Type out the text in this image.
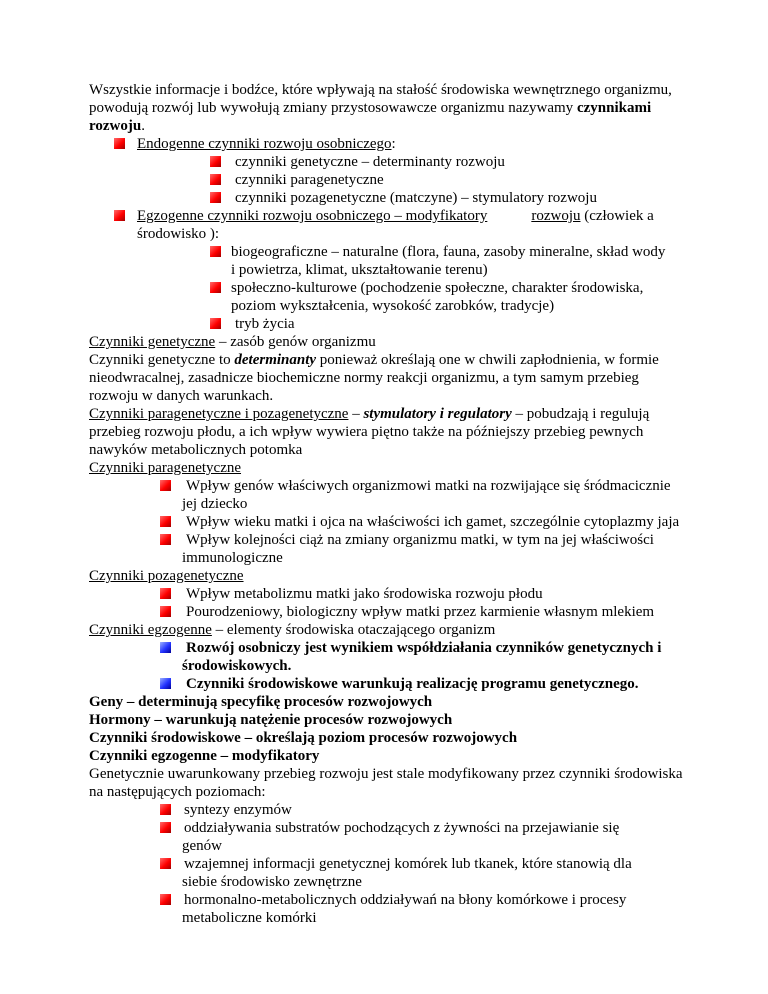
Wszystkie informacje i bodźce, które wpływają na stałość środowiska wewnętrznego organizmu, powodują rozwój lub wywołują zmiany przystosowawcze organizmu nazywamy czynnikami rozwoju.

Endogenne czynniki rozwoju osobniczego:
czynniki genetyczne – determinanty rozwoju
czynniki paragenetyczne
czynniki pozagenetyczne (matczyne) – stymulatory rozwoju
Egzogenne czynniki rozwoju osobniczego – modyfikatory	rozwoju (człowiek a środowisko ):
biogeograficzne – naturalne (flora, fauna, zasoby mineralne, skład wody i powietrza, klimat, ukształtowanie terenu)
społeczno-kulturowe (pochodzenie społeczne, charakter środowiska, poziom wykształcenia, wysokość zarobków, tradycje)
tryb życia

Czynniki genetyczne – zasób genów organizmu

Czynniki genetyczne to determinanty ponieważ określają one w chwili zapłodnienia, w formie nieodwracalnej, zasadnicze biochemiczne normy reakcji organizmu, a tym samym przebieg rozwoju w danych warunkach.

Czynniki paragenetyczne i pozagenetyczne – stymulatory i regulatory – pobudzają i regulują przebieg rozwoju płodu, a ich wpływ wywiera piętno także na późniejszy przebieg pewnych nawyków metabolicznych potomka

Czynniki paragenetyczne

Wpływ genów właściwych organizmowi matki na rozwijające się śródmacicznie jej dziecko
Wpływ wieku matki i ojca na właściwości ich gamet, szczególnie cytoplazmy jaja
Wpływ kolejności ciąż na zmiany organizmu matki, w tym na jej właściwości immunologiczne

Czynniki pozagenetyczne

Wpływ metabolizmu matki jako środowiska rozwoju płodu
Pourodzeniowy, biologiczny wpływ matki przez karmienie własnym mlekiem

Czynniki egzogenne – elementy środowiska otaczającego organizm

Rozwój osobniczy jest wynikiem współdziałania czynników genetycznych i środowiskowych.
Czynniki środowiskowe warunkują realizację programu genetycznego.

Geny – determinują specyfikę procesów rozwojowych

Hormony – warunkują natężenie procesów rozwojowych

Czynniki środowiskowe – określają poziom procesów rozwojowych

Czynniki egzogenne – modyfikatory

Genetycznie uwarunkowany przebieg rozwoju jest stale modyfikowany przez czynniki środowiska na następujących poziomach:

syntezy enzymów
oddziaływania substratów pochodzących z żywności na przejawianie się genów
wzajemnej informacji genetycznej komórek lub tkanek, które stanowią dla siebie środowisko zewnętrzne
hormonalno-metabolicznych oddziaływań na błony komórkowe i procesy metaboliczne komórki
